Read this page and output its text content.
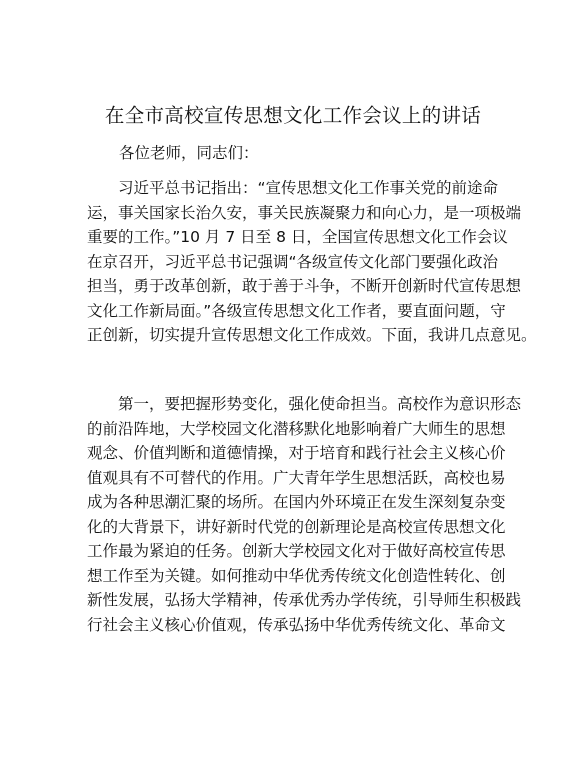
在全市高校宣传思想文化工作会议上的讲话
各位老师，同志们：

习近平总书记指出：“宣传思想文化工作事关党的前途命
运，事关国家长治久安，事关民族凝聚力和向心力，是一项极端
重要的工作。”10 月 7 日至 8 日，全国宣传思想文化工作会议
在京召开，习近平总书记强调“各级宣传文化部门要强化政治
担当，勇于改革创新，敢于善于斗争，不断开创新时代宣传思想
文化工作新局面。”各级宣传思想文化工作者，要直面问题，守
正创新，切实提升宣传思想文化工作成效。下面，我讲几点意见。

第一，要把握形势变化，强化使命担当。高校作为意识形态
的前沿阵地，大学校园文化潜移默化地影响着广大师生的思想
观念、价值判断和道德情操，对于培育和践行社会主义核心价
值观具有不可替代的作用。广大青年学生思想活跃，高校也易
成为各种思潮汇聚的场所。在国内外环境正在发生深刻复杂变
化的大背景下，讲好新时代党的创新理论是高校宣传思想文化
工作最为紧迫的任务。创新大学校园文化对于做好高校宣传思
想工作至为关键。如何推动中华优秀传统文化创造性转化、创
新性发展，弘扬大学精神，传承优秀办学传统，引导师生积极践
行社会主义核心价值观，传承弘扬中华优秀传统文化、革命文
